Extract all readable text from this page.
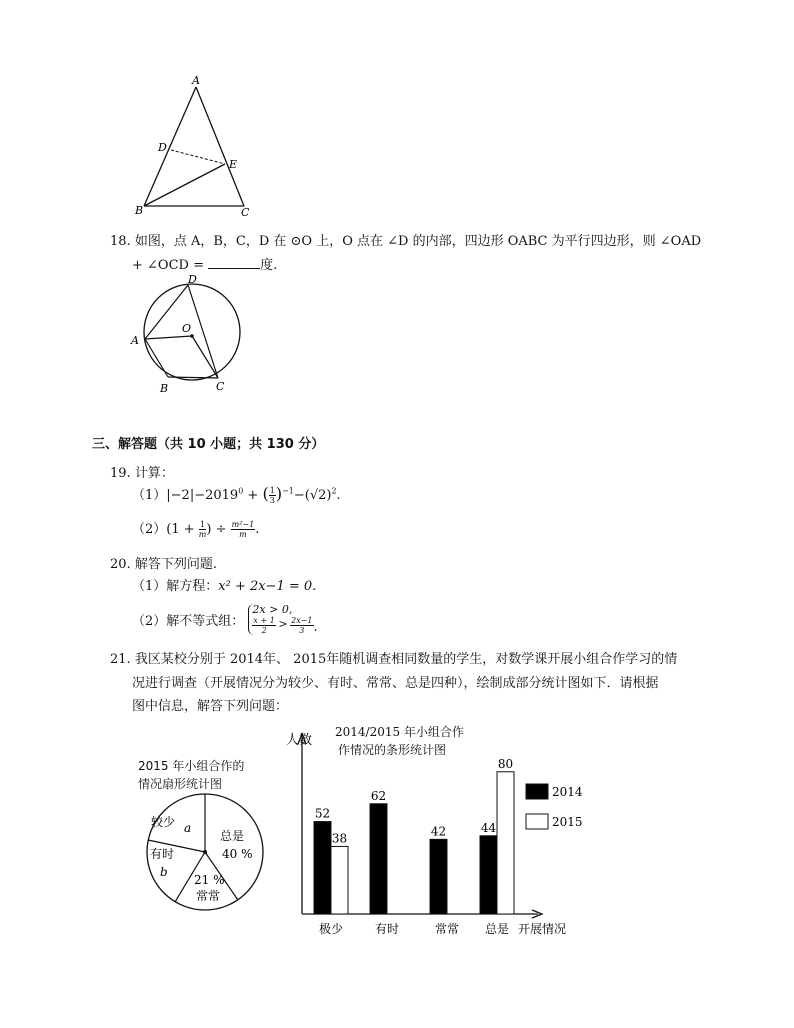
A
B	C
D
E
18. 如图，点 A，B，C，D 在 ⊙O 上，O 点在 ∠D 的内部，四边形 OABC 为平行四边形，则 ∠OAD
+ ∠OCD =	度.
D
O
A
B	C
三、解答题（共 10 小题；共 130 分）
19. 计算：
$(1)|-2|-2019^0$ + ( $\frac{1}{3} )^{-1}-(√2)^2$.
$(2)(1 + \frac{1}{m}$ ) ÷ $\frac{\text{m²−1}}{m}$ .
20. 解答下列问题.
（1）解方程：x² + 2x−1 = 0.
（2）解不等式组：
2x > 0,
$\frac{x + 1}{2} > \frac{2x-1}{3}$ .
21. 我区某校分别于 2014年、 2015年随机调查相同数量的学生，对数学课开展小组合作学习的情
况进行调查（开展情况分为较少、有时、常常、总是四种），绘制成部分统计图如下．请根据
图中信息，解答下列问题：
2015 年小组合作的
情况扇形统计图
较少 a
总是
40 %
21 %
常常
有时
b
2014/2015 年小组合作
作情况的条形统计图
人数
52
38
极少
62
有时
42
常常
44
80
总是 开展情况
2014
2015
